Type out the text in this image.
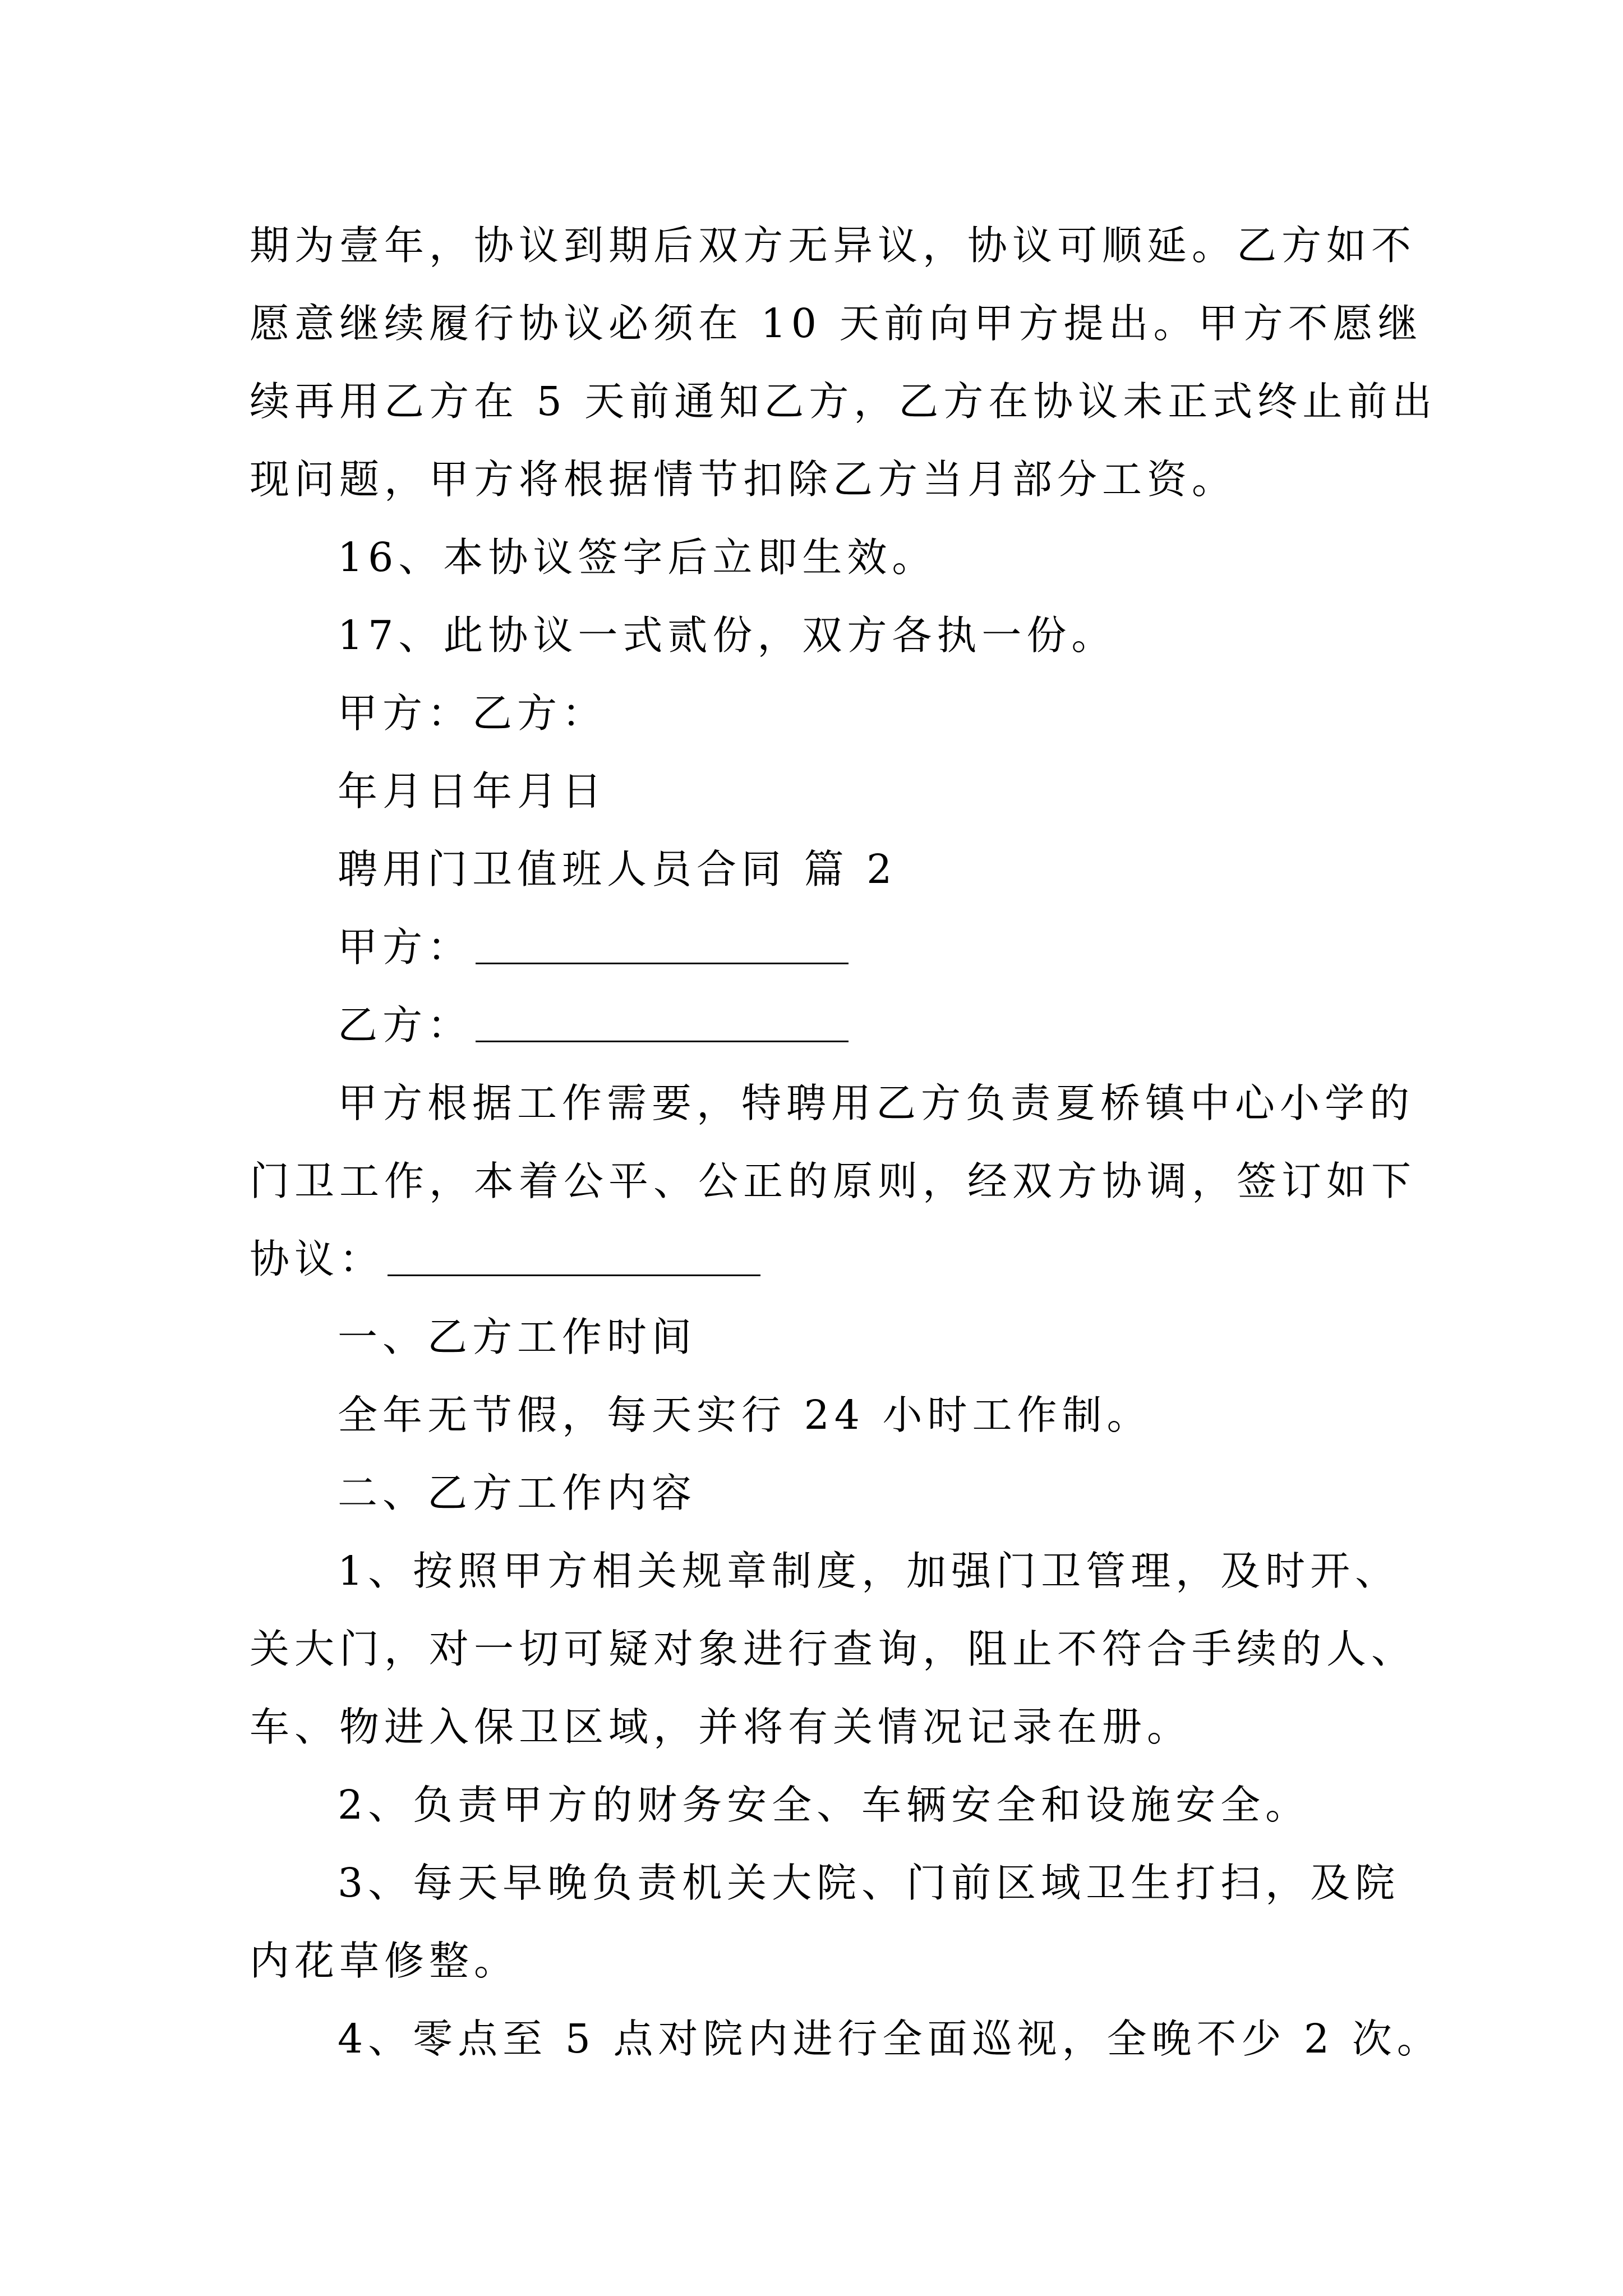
期为壹年，协议到期后双方无异议，协议可顺延。乙方如不
愿意继续履行协议必须在 10 天前向甲方提出。甲方不愿继
续再用乙方在 5 天前通知乙方，乙方在协议未正式终止前出
现问题，甲方将根据情节扣除乙方当月部分工资。
16、本协议签字后立即生效。
17、此协议一式贰份，双方各执一份。
甲方：乙方：
年月日年月日
聘用门卫值班人员合同 篇 2
甲方：
乙方：
甲方根据工作需要，特聘用乙方负责夏桥镇中心小学的
门卫工作，本着公平、公正的原则，经双方协调，签订如下
协议：
一、乙方工作时间
全年无节假，每天实行 24 小时工作制。
二、乙方工作内容
1、按照甲方相关规章制度，加强门卫管理，及时开、
关大门，对一切可疑对象进行查询，阻止不符合手续的人、
车、物进入保卫区域，并将有关情况记录在册。
2、负责甲方的财务安全、车辆安全和设施安全。
3、每天早晚负责机关大院、门前区域卫生打扫，及院
内花草修整。
4、零点至 5 点对院内进行全面巡视，全晚不少 2 次。
